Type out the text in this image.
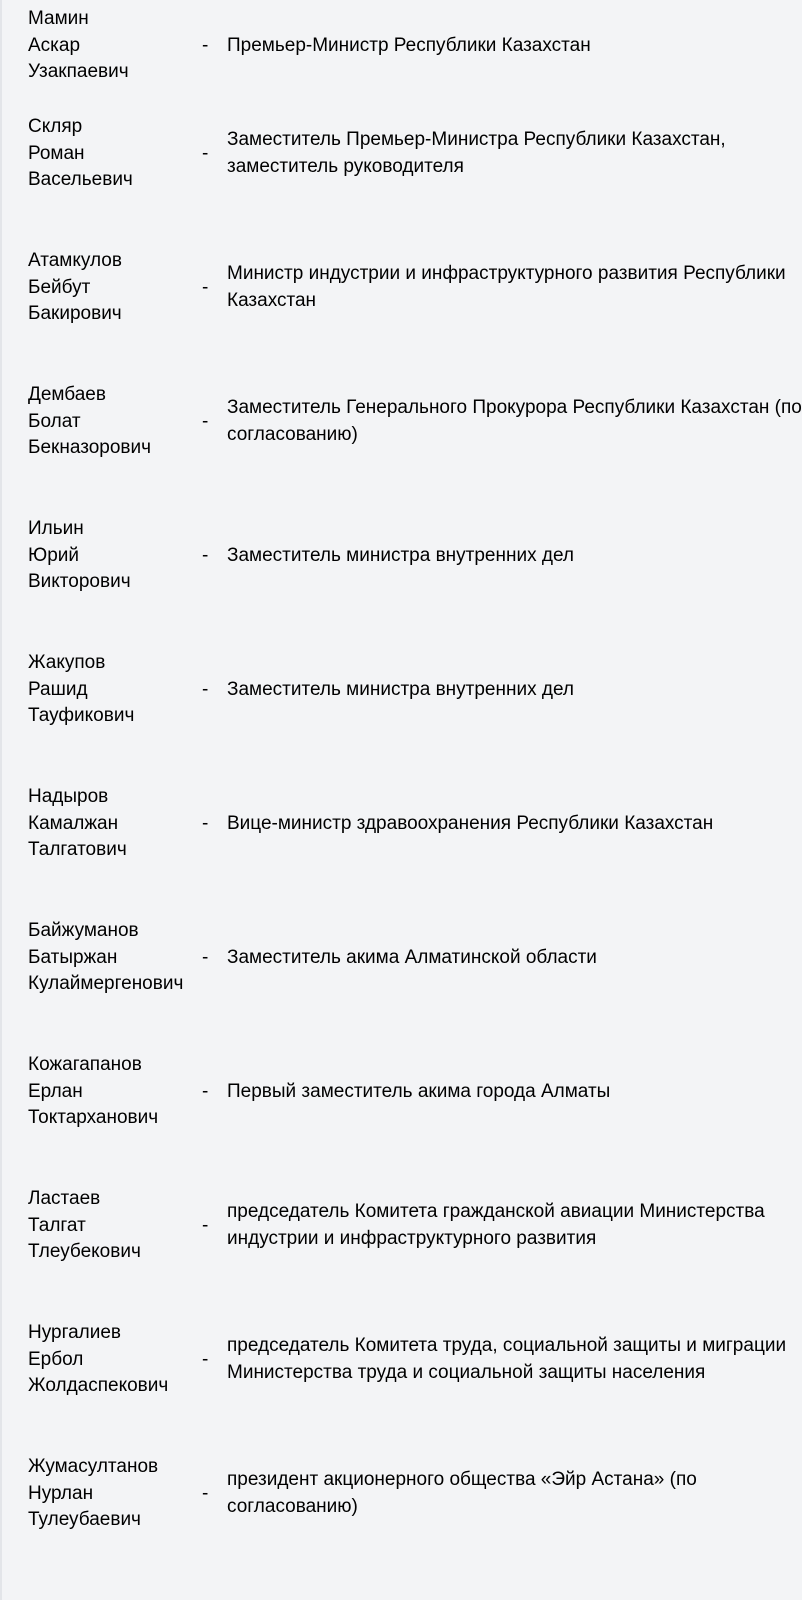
Мамин
Аскар
Узакпаевич
- Премьер-Министр Республики Казахстан
Скляр
Роман
Васельевич
-
Заместитель Премьер-Министра Республики Казахстан,
заместитель руководителя
Атамкулов
Бейбут
Бакирович
-
Министр индустрии и инфраструктурного развития Республики
Казахстан
Дембаев
Болат
Бекназорович
-
Заместитель Генерального Прокурора Республики Казахстан (по
согласованию)
Ильин
Юрий
Викторович
- Заместитель министра внутренних дел
Жакупов
Рашид
Тауфикович
- Заместитель министра внутренних дел
Надыров
Камалжан
Талгатович
- Вице-министр здравоохранения Республики Казахстан
Байжуманов
Батыржан
Кулаймергенович
- Заместитель акима Алматинской области
Кожагапанов
Ерлан
Токтарханович
- Первый заместитель акима города Алматы
Ластаев
Талгат
Тлеубекович
-
председатель Комитета гражданской авиации Министерства
индустрии и инфраструктурного развития
Нургалиев
Ербол
Жолдаспекович
-
председатель Комитета труда, социальной защиты и миграции
Министерства труда и социальной защиты населения
Жумасултанов
Нурлан
Тулеубаевич
-
президент акционерного общества «Эйр Астана» (по
согласованию)
